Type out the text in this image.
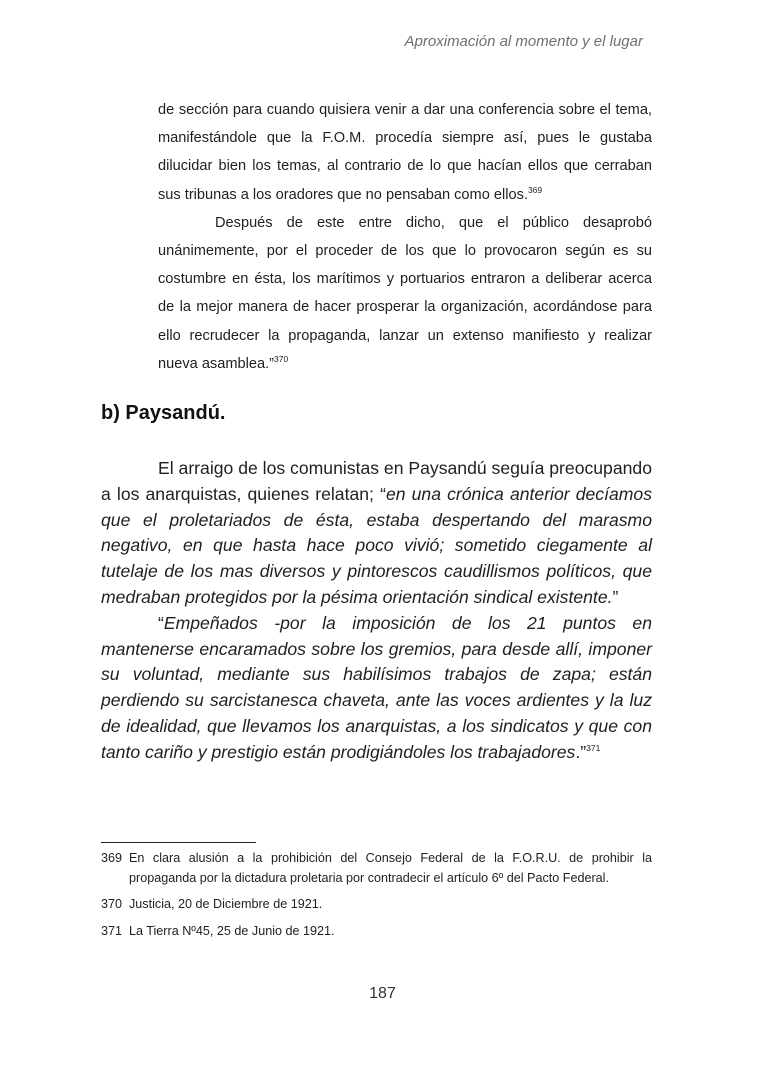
Aproximación al momento y el lugar

de sección para cuando quisiera venir a dar una conferencia sobre el tema, manifestándole que la F.O.M. procedía siempre así, pues le gustaba dilucidar bien los temas, al contrario de lo que hacían ellos que cerraban sus tribunas a los oradores que no pensaban como ellos.$^{369}$

Después de este entre dicho, que el público desaprobó unánimemente, por el proceder de los que lo provocaron según es su costumbre en ésta, los marítimos y portuarios entraron a deliberar acerca de la mejor manera de hacer prosperar la organización, acordándose para ello recrudecer la propaganda, lanzar un extenso manifiesto y realizar nueva asamblea.”$^{370}$

b) Paysandú.

El arraigo de los comunistas en Paysandú seguía preocupando a los anarquistas, quienes relatan; “en una crónica anterior decíamos que el proletariados de ésta, estaba despertando del marasmo negativo, en que hasta hace poco vivió; sometido ciegamente al tutelaje de los mas diversos y pintorescos caudillismos políticos, que medraban protegidos por la pésima orientación sindical existente.”

“Empeñados -por la imposición de los 21 puntos en mantenerse encaramados sobre los gremios, para desde allí, imponer su voluntad, mediante sus habilísimos trabajos de zapa; están perdiendo su sarcistanesca chaveta, ante las voces ardientes y la luz de idealidad, que llevamos los anarquistas, a los sindicatos y que con tanto cariño y prestigio están prodigiándoles los trabajadores.”$^{371}$

369 En clara alusión a la prohibición del Consejo Federal de la F.O.R.U. de prohibir la propaganda por la dictadura proletaria por contradecir el artículo 6º del Pacto Federal.
370 Justicia, 20 de Diciembre de 1921.
371 La Tierra Nº45, 25 de Junio de 1921.
187
